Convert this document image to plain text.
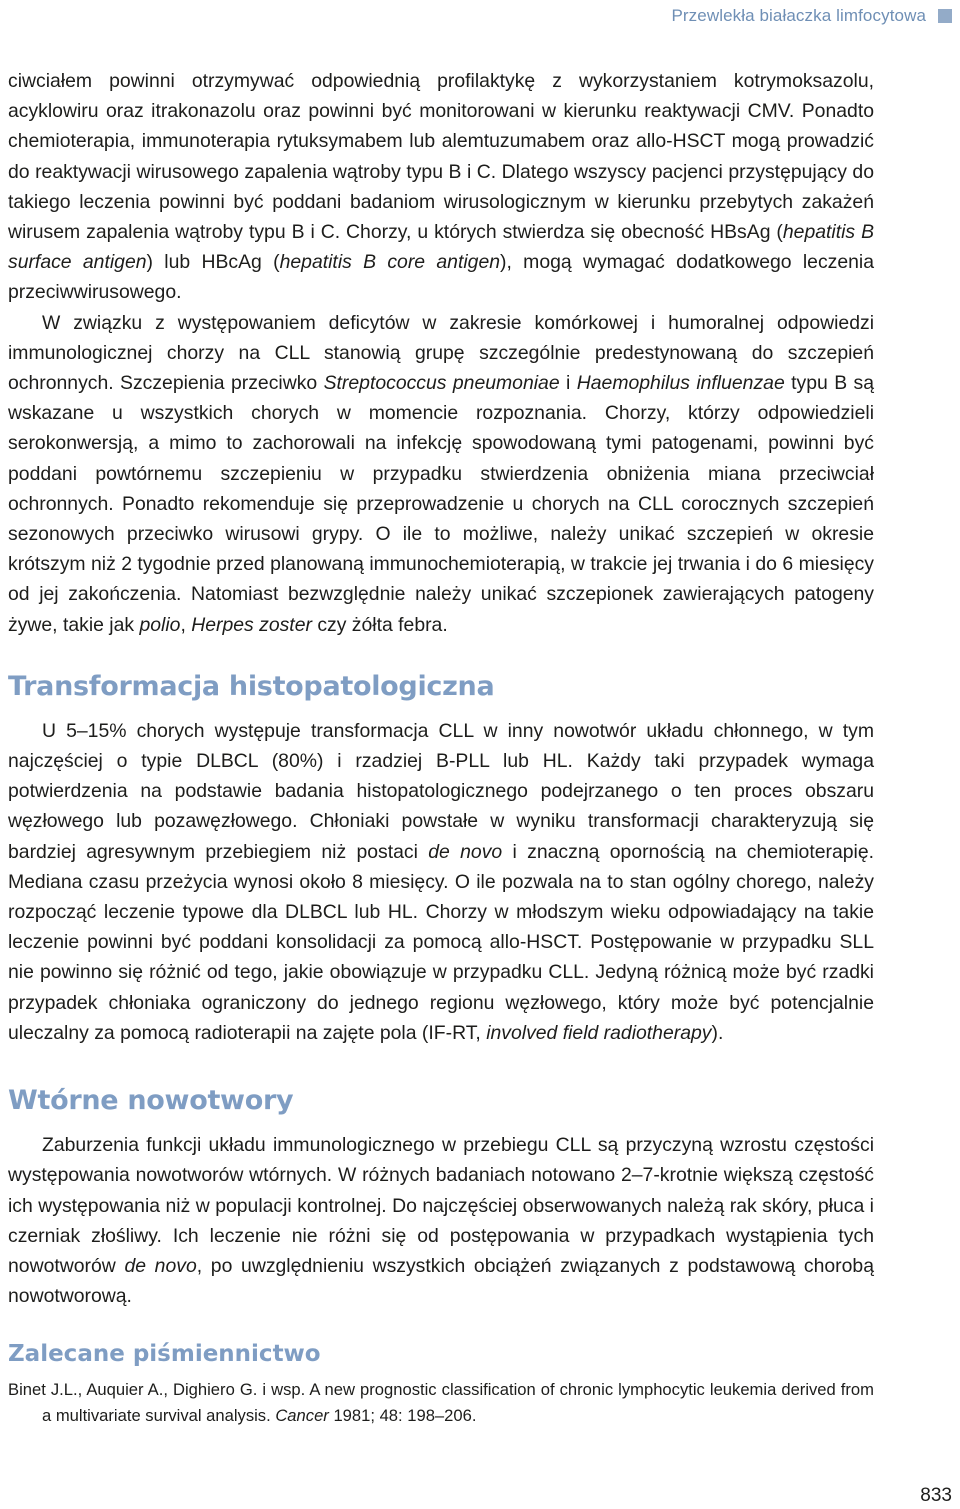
Przewlekła białaczka limfocytowa

ciwciałem powinni otrzymywać odpowiednią profilaktykę z wykorzystaniem kotrymoksazolu, acyklowiru oraz itrakonazolu oraz powinni być monitorowani w kierunku reaktywacji CMV. Ponadto chemioterapia, immunoterapia rytuksymabem lub alemtuzumabem oraz allo-HSCT mogą prowadzić do reaktywacji wirusowego zapalenia wątroby typu B i C. Dlatego wszyscy pacjenci przystępujący do takiego leczenia powinni być poddani badaniom wirusologicznym w kierunku przebytych zakażeń wirusem zapalenia wątroby typu B i C. Chorzy, u których stwierdza się obecność HBsAg (hepatitis B surface antigen) lub HBcAg (hepatitis B core antigen), mogą wymagać dodatkowego leczenia przeciwwirusowego.

W związku z występowaniem deficytów w zakresie komórkowej i humoralnej odpowiedzi immunologicznej chorzy na CLL stanowią grupę szczególnie predestynowaną do szczepień ochronnych. Szczepienia przeciwko Streptococcus pneumoniae i Haemophilus influenzae typu B są wskazane u wszystkich chorych w momencie rozpoznania. Chorzy, którzy odpowiedzieli serokonwersją, a mimo to zachorowali na infekcję spowodowaną tymi patogenami, powinni być poddani powtórnemu szczepieniu w przypadku stwierdzenia obniżenia miana przeciwciał ochronnych. Ponadto rekomenduje się przeprowadzenie u chorych na CLL corocznych szczepień sezonowych przeciwko wirusowi grypy. O ile to możliwe, należy unikać szczepień w okresie krótszym niż 2 tygodnie przed planowaną immunochemioterapią, w trakcie jej trwania i do 6 miesięcy od jej zakończenia. Natomiast bezwzględnie należy unikać szczepionek zawierających patogeny żywe, takie jak polio, Herpes zoster czy żółta febra.

Transformacja histopatologiczna

U 5–15% chorych występuje transformacja CLL w inny nowotwór układu chłonnego, w tym najczęściej o typie DLBCL (80%) i rzadziej B-PLL lub HL. Każdy taki przypadek wymaga potwierdzenia na podstawie badania histopatologicznego podejrzanego o ten proces obszaru węzłowego lub pozawęzłowego. Chłoniaki powstałe w wyniku transformacji charakteryzują się bardziej agresywnym przebiegiem niż postaci de novo i znaczną opornością na chemioterapię. Mediana czasu przeżycia wynosi około 8 miesięcy. O ile pozwala na to stan ogólny chorego, należy rozpocząć leczenie typowe dla DLBCL lub HL. Chorzy w młodszym wieku odpowiadający na takie leczenie powinni być poddani konsolidacji za pomocą allo-HSCT. Postępowanie w przypadku SLL nie powinno się różnić od tego, jakie obowiązuje w przypadku CLL. Jedyną różnicą może być rzadki przypadek chłoniaka ograniczony do jednego regionu węzłowego, który może być potencjalnie uleczalny za pomocą radioterapii na zajęte pola (IF-RT, involved field radiotherapy).

Wtórne nowotwory

Zaburzenia funkcji układu immunologicznego w przebiegu CLL są przyczyną wzrostu częstości występowania nowotworów wtórnych. W różnych badaniach notowano 2–7-krotnie większą częstość ich występowania niż w populacji kontrolnej. Do najczęściej obserwowanych należą rak skóry, płuca i czerniak złośliwy. Ich leczenie nie różni się od postępowania w przypadkach wystąpienia tych nowotworów de novo, po uwzględnieniu wszystkich obciążeń związanych z podstawową chorobą nowotworową.

Zalecane piśmiennictwo

Binet J.L., Auquier A., Dighiero G. i wsp. A new prognostic classification of chronic lymphocytic leukemia derived from a multivariate survival analysis. Cancer 1981; 48: 198–206.

833
